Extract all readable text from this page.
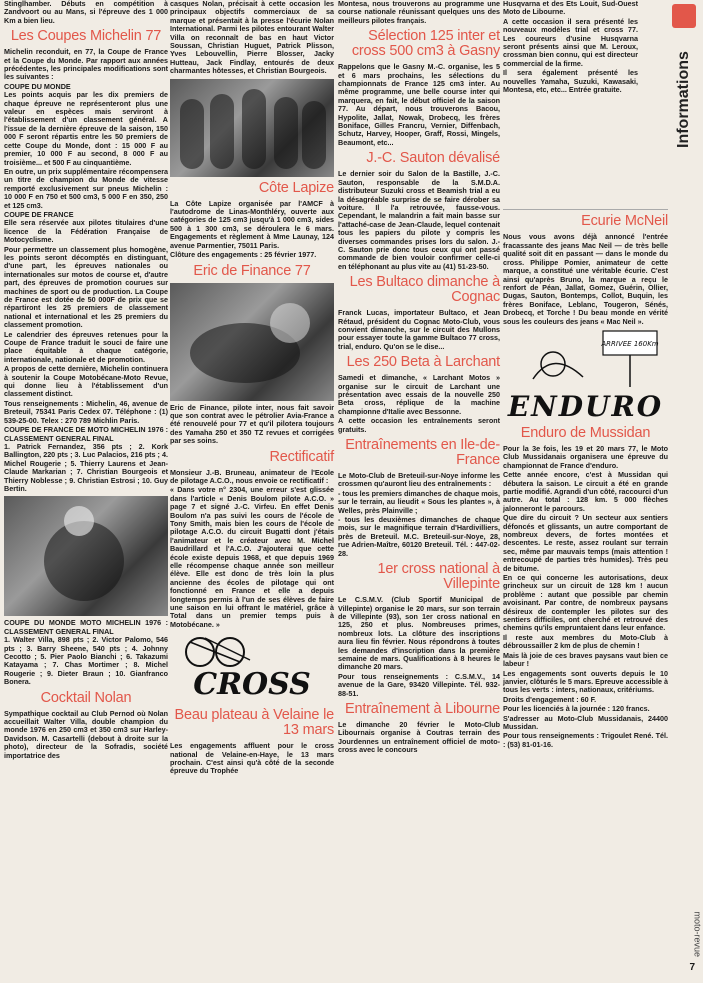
Stinglhamber. Débuts en compétition à Zandvoort ou au Mans, si l'épreuve des 1 000 Km a bien lieu.
Les Coupes Michelin 77
Michelin reconduit, en 77, la Coupe de France et la Coupe du Monde. Par rapport aux années précédentes, les principales modifications sont les suivantes :
COUPE DU MONDE
Les points acquis par les dix premiers de chaque épreuve ne représenteront plus une valeur en espèces mais serviront à l'établissement d'un classement général. A l'issue de la dernière épreuve de la saison, 150 000 F seront répartis entre les 50 premiers de cette Coupe du Monde, dont : 15 000 F au premier, 10 000 F au second, 8 000 F au troisième... et 500 F au cinquantième.
En outre, un prix supplémentaire récompensera un titre de champion du Monde de vitesse remporté exclusivement sur pneus Michelin : 10 000 F en 750 et 500 cm3, 5 000 F en 350, 250 et 125 cm3.
COUPE DE FRANCE
Elle sera réservée aux pilotes titulaires d'une licence de la Fédération Française de Motocyclisme.
Pour permettre un classement plus homogène, les points seront décomptés en distinguant, d'une part, les épreuves nationales ou internationales sur motos de course et, d'autre part, des épreuves de promotion courues sur machines de sport ou de production. La Coupe de France est dotée de 50 000F de prix que se répartiront les 25 premiers de classement national et international et les 25 premiers du classement promotion.
Le calendrier des épreuves retenues pour la Coupe de France traduit le souci de faire une place équitable à chaque catégorie, internationale, nationale et de promotion.
A propos de cette dernière, Michelin continuera à soutenir la Coupe Motobécane-Moto Revue, qui donne lieu à l'établissement d'un classement distinct.
Tous renseignements : Michelin, 46, avenue de Breteuil, 75341 Paris Cedex 07. Téléphone : (1) 539-25-00. Telex : 270 789 Michlin Paris.
COUPE DE FRANCE DE MOTO MICHELIN 1976 : CLASSEMENT GENERAL FINAL
1. Patrick Fernandez, 356 pts ; 2. Kork Ballington, 220 pts ; 3. Luc Palacios, 216 pts ; 4. Michel Rougerie ; 5. Thierry Laurens et Jean-Claude Markarian ; 7. Christian Bourgeois et Thierry Noblesse ; 9. Christian Estrosi ; 10. Guy Bertin.
COUPE DU MONDE MOTO MICHELIN 1976 : CLASSEMENT GENERAL FINAL
1. Walter Villa, 898 pts ; 2. Victor Palomo, 546 pts ; 3. Barry Sheene, 540 pts ; 4. Johnny Cecotto ; 5. Pier Paolo Bianchi ; 6. Takazumi Katayama ; 7. Chas Mortimer ; 8. Michel Rougerie ; 9. Dieter Braun ; 10. Gianfranco Bonera.
Cocktail Nolan
Sympathique cocktail au Club Pernod où Nolan accueillait Walter Villa, double champion du monde 1976 en 250 cm3 et 350 cm3 sur Harley-Davidson. M. Casartelli (debout à droite sur la photo), directeur de la Sofradis, société importatrice des
casques Nolan, précisait à cette occasion les principaux objectifs commerciaux de sa marque et présentait à la presse l'écurie Nolan International. Parmi les pilotes entourant Walter Villa on reconnaît de bas en haut Victor Soussan, Christian Huguet, Patrick Plisson, Yves Lebouvellin, Pierre Blosser, Jacky Hutteau, Jack Findlay, entourés de deux charmantes hôtesses, et Christian Bourgeois.
Côte Lapize
La Côte Lapize organisée par l'AMCF à l'autodrome de Linas-Monthléry, ouverte aux catégories de 125 cm3 jusqu'à 1 000 cm3, sides 500 à 1 300 cm3, se déroulera le 6 mars. Engagements et règlement à Mme Launay, 124 avenue Parmentier, 75011 Paris.
Clôture des engagements : 25 février 1977.
Eric de Finance 77
Eric de Finance, pilote inter, nous fait savoir que son contrat avec le pétrolier Avia-France a été renouvelé pour 77 et qu'il pilotera toujours des Yamaha 250 et 350 TZ revues et corrigées par ses soins.
Rectificatif
Monsieur J.-B. Bruneau, animateur de l'Ecole de pilotage A.C.O., nous envoie ce rectificatif :
« Dans votre n° 2304, une erreur s'est glissée dans l'article « Denis Boulom pilote A.C.O. » page 7 et signé J.-C. Virfeu. En effet Denis Boulom n'a pas suivi les cours de l'école de Tony Smith, mais bien les cours de l'école de pilotage A.C.O. du circuit Bugatti dont j'étais l'animateur et le créateur avec M. Michel Baudrillard et l'A.C.O. J'ajouterai que cette école existe depuis 1968, et que depuis 1969 elle récompense chaque année son meilleur élève. Elle est donc de très loin la plus ancienne des écoles de pilotage qui ont fonctionné en France et elle a depuis longtemps permis à l'un de ses élèves de faire une saison en lui offrant le matériel, grâce à Total dans un premier temps puis à Motobécane. »
CROSS
Beau plateau à Velaine le 13 mars
Les engagements affluent pour le cross national de Velaine-en-Haye, le 13 mars prochain. C'est ainsi qu'à côté de la seconde épreuve du Trophée
Montesa, nous trouverons au programme une course nationale réunissant quelques uns des meilleurs pilotes français.
Sélection 125 inter et cross 500 cm3 à Gasny
Rappelons que le Gasny M.-C. organise, les 5 et 6 mars prochains, les sélections du championnats de France 125 cm3 inter. Au même programme, une belle course inter qui marquera, en fait, le début officiel de la saison 77. Au départ, nous trouverons Bacou, Hypolite, Jallat, Nowak, Drobecq, les frères Boniface, Gilles Francru, Vernier, Diffenbach, Schutz, Harvey, Hooper, Graff, Rossi, Mingels, Beaumont, etc...
J.-C. Sauton dévalisé
Le dernier soir du Salon de la Bastille, J.-C. Sauton, responsable de la S.M.D.A. distributeur Suzuki cross et Beamish trial a eu la désagréable surprise de se faire dérober sa voiture. Il l'a retrouvée, fausse-vous. Cependant, le malandrin a fait main basse sur l'attaché-case de Jean-Claude, lequel contenait tous les papiers du pilote y compris les diverses commandes prises lors du salon. J.-C. Sauton prie donc tous ceux qui ont passé commande de bien vouloir confirmer celle-ci en téléphonant au plus vite au (41) 51-23-50.
Les Bultaco dimanche à Cognac
Franck Lucas, importateur Bultaco, et Jean Rétaud, président du Cognac Moto-Club, vous convient dimanche, sur le circuit des Mullons pour essayer toute la gamme Bultaco 77 cross, trial, enduro. Qu'on se le dise...
Les 250 Beta à Larchant
Samedi et dimanche, « Larchant Motos » organise sur le circuit de Larchant une présentation avec essais de la nouvelle 250 Beta cross, réplique de la machine championne d'Italie avec Bessonne.
A cette occasion les entraînements seront gratuits.
Entraînements en Ile-de-France
Le Moto-Club de Breteuil-sur-Noye informe les crossmen qu'auront lieu des entraînements :
- tous les premiers dimanches de chaque mois, sur le terrain, au lieudit « Sous les plantes », à Welles, près Plainville ;
- tous les deuxièmes dimanches de chaque mois, sur le magnifique terrain d'Hardivilliers, près de Breteuil. M.C. Breteuil-sur-Noye, 28, rue Adrien-Maître, 60120 Breteuil. Tél. : 447-02-28.
1er cross national à Villepinte
Le C.S.M.V. (Club Sportif Municipal de Villepinte) organise le 20 mars, sur son terrain de Villepinte (93), son 1er cross national en 125, 250 et plus. Nombreuses primes, nombreux lots. La clôture des inscriptions aura lieu fin février. Nous répondrons à toutes les demandes d'inscription dans la première semaine de mars. Qualifications à 8 heures le dimanche 20 mars.
Pour tous renseignements : C.S.M.V., 14 avenue de la Gare, 93420 Villepinte. Tél. 932-88-51.
Entraînement à Libourne
Le dimanche 20 février le Moto-Club Libournais organise à Coutras terrain des Jourdennes un entraînement officiel de moto-cross avec le concours
Husqvarna et des Ets Louit, Sud-Ouest Moto de Libourne.
A cette occasion il sera présenté les nouveaux modèles trial et cross 77. Les coureurs d'usine Husqvarna seront présents ainsi que M. Leroux, crossman bien connu, qui est directeur commercial de la firme.
Il sera également présenté les nouvelles Yamaha, Suzuki, Kawasaki, Montesa, etc, etc... Entrée gratuite.
Ecurie McNeil
Nous vous avons déjà annoncé l'entrée fracassante des jeans Mac Neil — de très belle qualité soit dit en passant — dans le monde du cross. Philippe Pomier, animateur de cette marque, a constitué une véritable écurie. C'est ainsi qu'après Bruno, la marque a reçu le renfort de Péan, Jallat, Gomez, Guérin, Ollier, Dugas, Sauton, Bontemps, Collot, Buquin, les frères Boniface, Leblanc, Tougeron, Sénés, Drobecq, et Torche ! Du beau monde en vérité sous les couleurs des jeans « Mac Neil ».
ARRIVEE 160Km
ENDURO
Enduro de Mussidan
Pour la 3e fois, les 19 et 20 mars 77, le Moto Club Mussidanais organisera une épreuve du championnat de France d'enduro.
Cette année encore, c'est à Mussidan qui débutera la saison. Le circuit a été en grande partie modifié. Agrandi d'un côté, raccourci d'un autre. Au total : 128 km. 5 000 flèches jalonneront le parcours.
Que dire du circuit ? Un secteur aux sentiers défoncés et glissants, un autre comportant de nombreux devers, de fortes montées et descentes. Le reste, assez roulant sur terrain sec, même par mauvais temps (mais attention ! entrecoupé de parties très humides). Très peu de bitume.
En ce qui concerne les autorisations, deux grincheux sur un circuit de 128 km ! aucun problème : autant que possible par chemin avoisinant. Par contre, de nombreux paysans désireux de contempler les pilotes sur des sentiers difficiles, ont cherché et retrouvé des chemins qu'ils empruntaient dans leur enfance.
Il reste aux membres du Moto-Club à débroussailler 2 km de plus de chemin !
Mais là joie de ces braves paysans vaut bien ce labeur !
Les engagements sont ouverts depuis le 10 janvier, clôturés le 5 mars. Epreuve accessible à tous les verts : inters, nationaux, critériums.
Droits d'engagement : 60 F.
Pour les licenciés à la journée : 120 francs.
S'adresser au Moto-Club Mussidanais, 24400 Mussidan.
Pour tous renseignements : Trigoulet René. Tél. : (53) 81-01-16.
Informations
moto-revue
7
